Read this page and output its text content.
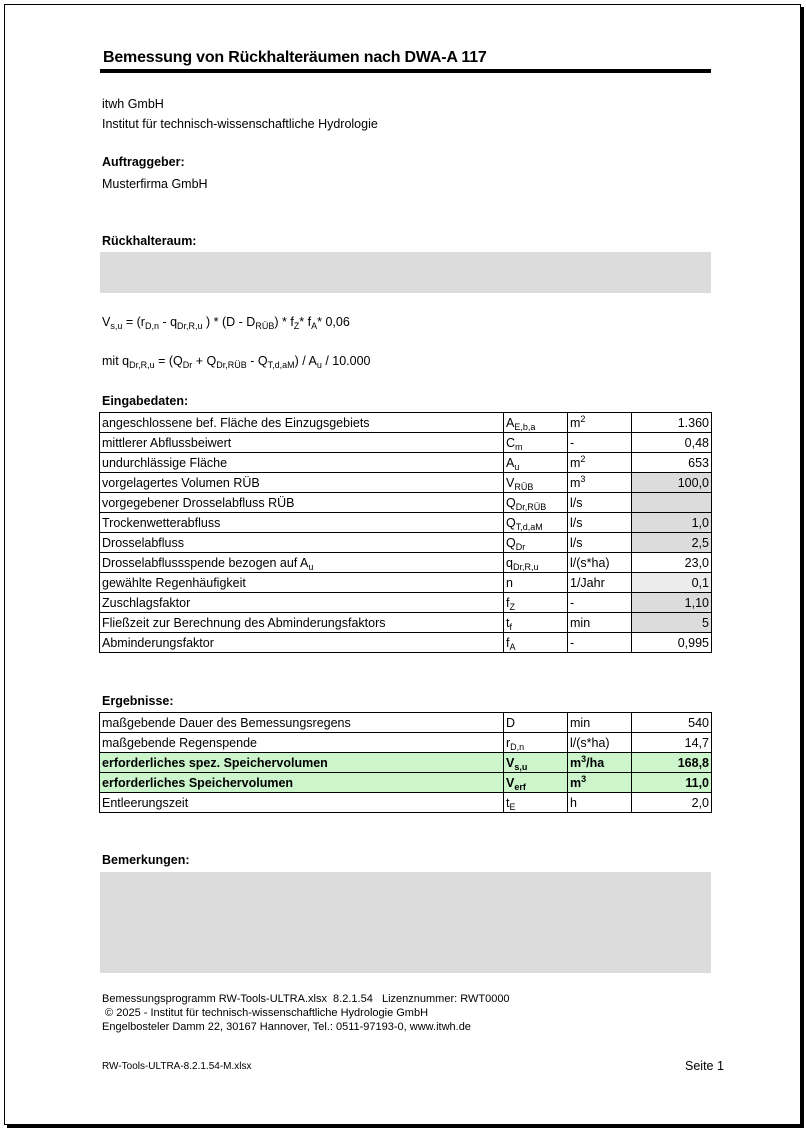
Bemessung von Rückhalteräumen nach DWA-A 117
itwh GmbH
Institut für technisch-wissenschaftliche Hydrologie
Auftraggeber:
Musterfirma GmbH
Rückhalteraum:
$V_{s,u} = (r_{D,n} - q_{Dr,R,u}$ ) * $(D - D_{RÜB}) * f_Z*$ $f_A*$ 0,06
mit $q_{Dr,R,u} = (Q_{Dr} + Q_{Dr,RÜB} - Q_{T,d,aM}) / A_u / 10.000$
Eingabedaten:
angeschlossene bef. Fläche des Einzugsgebiets	$A_{E,b,a}$	$m^2$	1.360
mittlerer Abflussbeiwert	$C_m$	-	0,48
undurchlässige Fläche	$A_u$	$m^2$	653
vorgelagertes Volumen RÜB	$V_{RÜB}$	$m^3$	100,0
vorgegebener Drosselabfluss RÜB	$Q_{Dr,RÜB}$	l/s	
Trockenwetterabfluss	$Q_{T,d,aM}$	l/s	1,0
Drosselabfluss	$Q_{Dr}$	l/s	2,5
Drosselabflussspende bezogen auf $A_u$	$q_{Dr,R,u}$	l/(s*ha)	23,0
gewählte Regenhäufigkeit	n	1/Jahr	0,1
Zuschlagsfaktor	$f_Z$	-	1,10
Fließzeit zur Berechnung des Abminderungsfaktors	$t_f$	min	5
Abminderungsfaktor	$f_A$	-	0,995
Ergebnisse:
maßgebende Dauer des Bemessungsregens	D	min	540
maßgebende Regenspende	$r_{D,n}$	l/(s*ha)	14,7
erforderliches spez. Speichervolumen	$V_{s,u}$	$m^3/ha$	168,8
erforderliches Speichervolumen	$V_{erf}$	$m^3$	11,0
Entleerungszeit	$t_E$	h	2,0
Bemerkungen:
Bemessungsprogramm RW-Tools-ULTRA.xlsx  8.2.1.54   Lizenznummer: RWT0000
© 2025 - Institut für technisch-wissenschaftliche Hydrologie GmbH
Engelbosteler Damm 22, 30167 Hannover, Tel.: 0511-97193-0, www.itwh.de
RW-Tools-ULTRA-8.2.1.54-M.xlsx	Seite 1
